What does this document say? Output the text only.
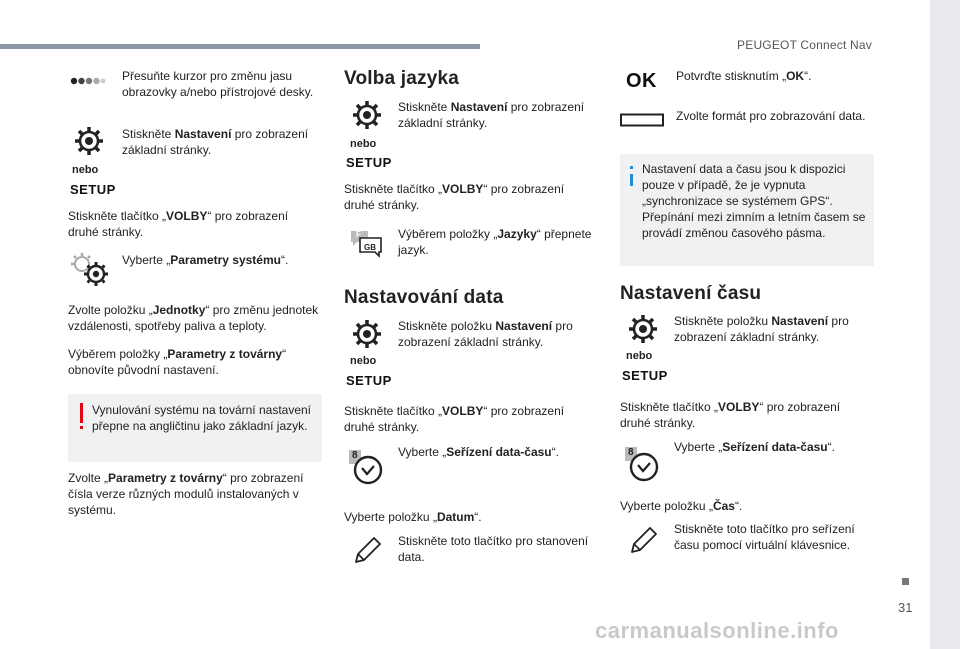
PEUGEOT Connect Nav
31
carmanualsonline.info
Přesuňte kurzor pro změnu jasu obrazovky a/nebo přístrojové desky.
Stiskněte Nastavení pro zobrazení základní stránky.
nebo
SETUP
Stiskněte tlačítko „VOLBY“ pro zobrazení druhé stránky.
Vyberte „Parametry systému“.
Zvolte položku „Jednotky“ pro změnu jednotek vzdálenosti, spotřeby paliva a teploty.
Výběrem položky „Parametry z továrny“ obnovíte původní nastavení.
Vynulování systému na tovární nastavení přepne na angličtinu jako základní jazyk.
Zvolte „Parametry z továrny“ pro zobrazení čísla verze různých modulů instalovaných v systému.
Volba jazyka
Stiskněte Nastavení pro zobrazení základní stránky.
nebo
SETUP
Stiskněte tlačítko „VOLBY“ pro zobrazení druhé stránky.
F
GB
Výběrem položky „Jazyky“ přepnete jazyk.
Nastavování data
Stiskněte položku Nastavení pro zobrazení základní stránky.
nebo
SETUP
Stiskněte tlačítko „VOLBY“ pro zobrazení druhé stránky.
8	Vyberte „Seřízení data-času“.
Vyberte položku „Datum“.
Stiskněte toto tlačítko pro stanovení data.
OK Potvrďte stisknutím „OK“.
Zvolte formát pro zobrazování data.
Nastavení data a času jsou k dispozici pouze v případě, že je vypnuta „synchronizace se systémem GPS“. Přepínání mezi zimním a letním časem se provádí změnou časového pásma.
Nastavení času
Stiskněte položku Nastavení pro zobrazení základní stránky.
nebo
SETUP
Stiskněte tlačítko „VOLBY“ pro zobrazení druhé stránky.
8	Vyberte „Seřízení data-času“.
Vyberte položku „Čas“.
Stiskněte toto tlačítko pro seřízení času pomocí virtuální klávesnice.
